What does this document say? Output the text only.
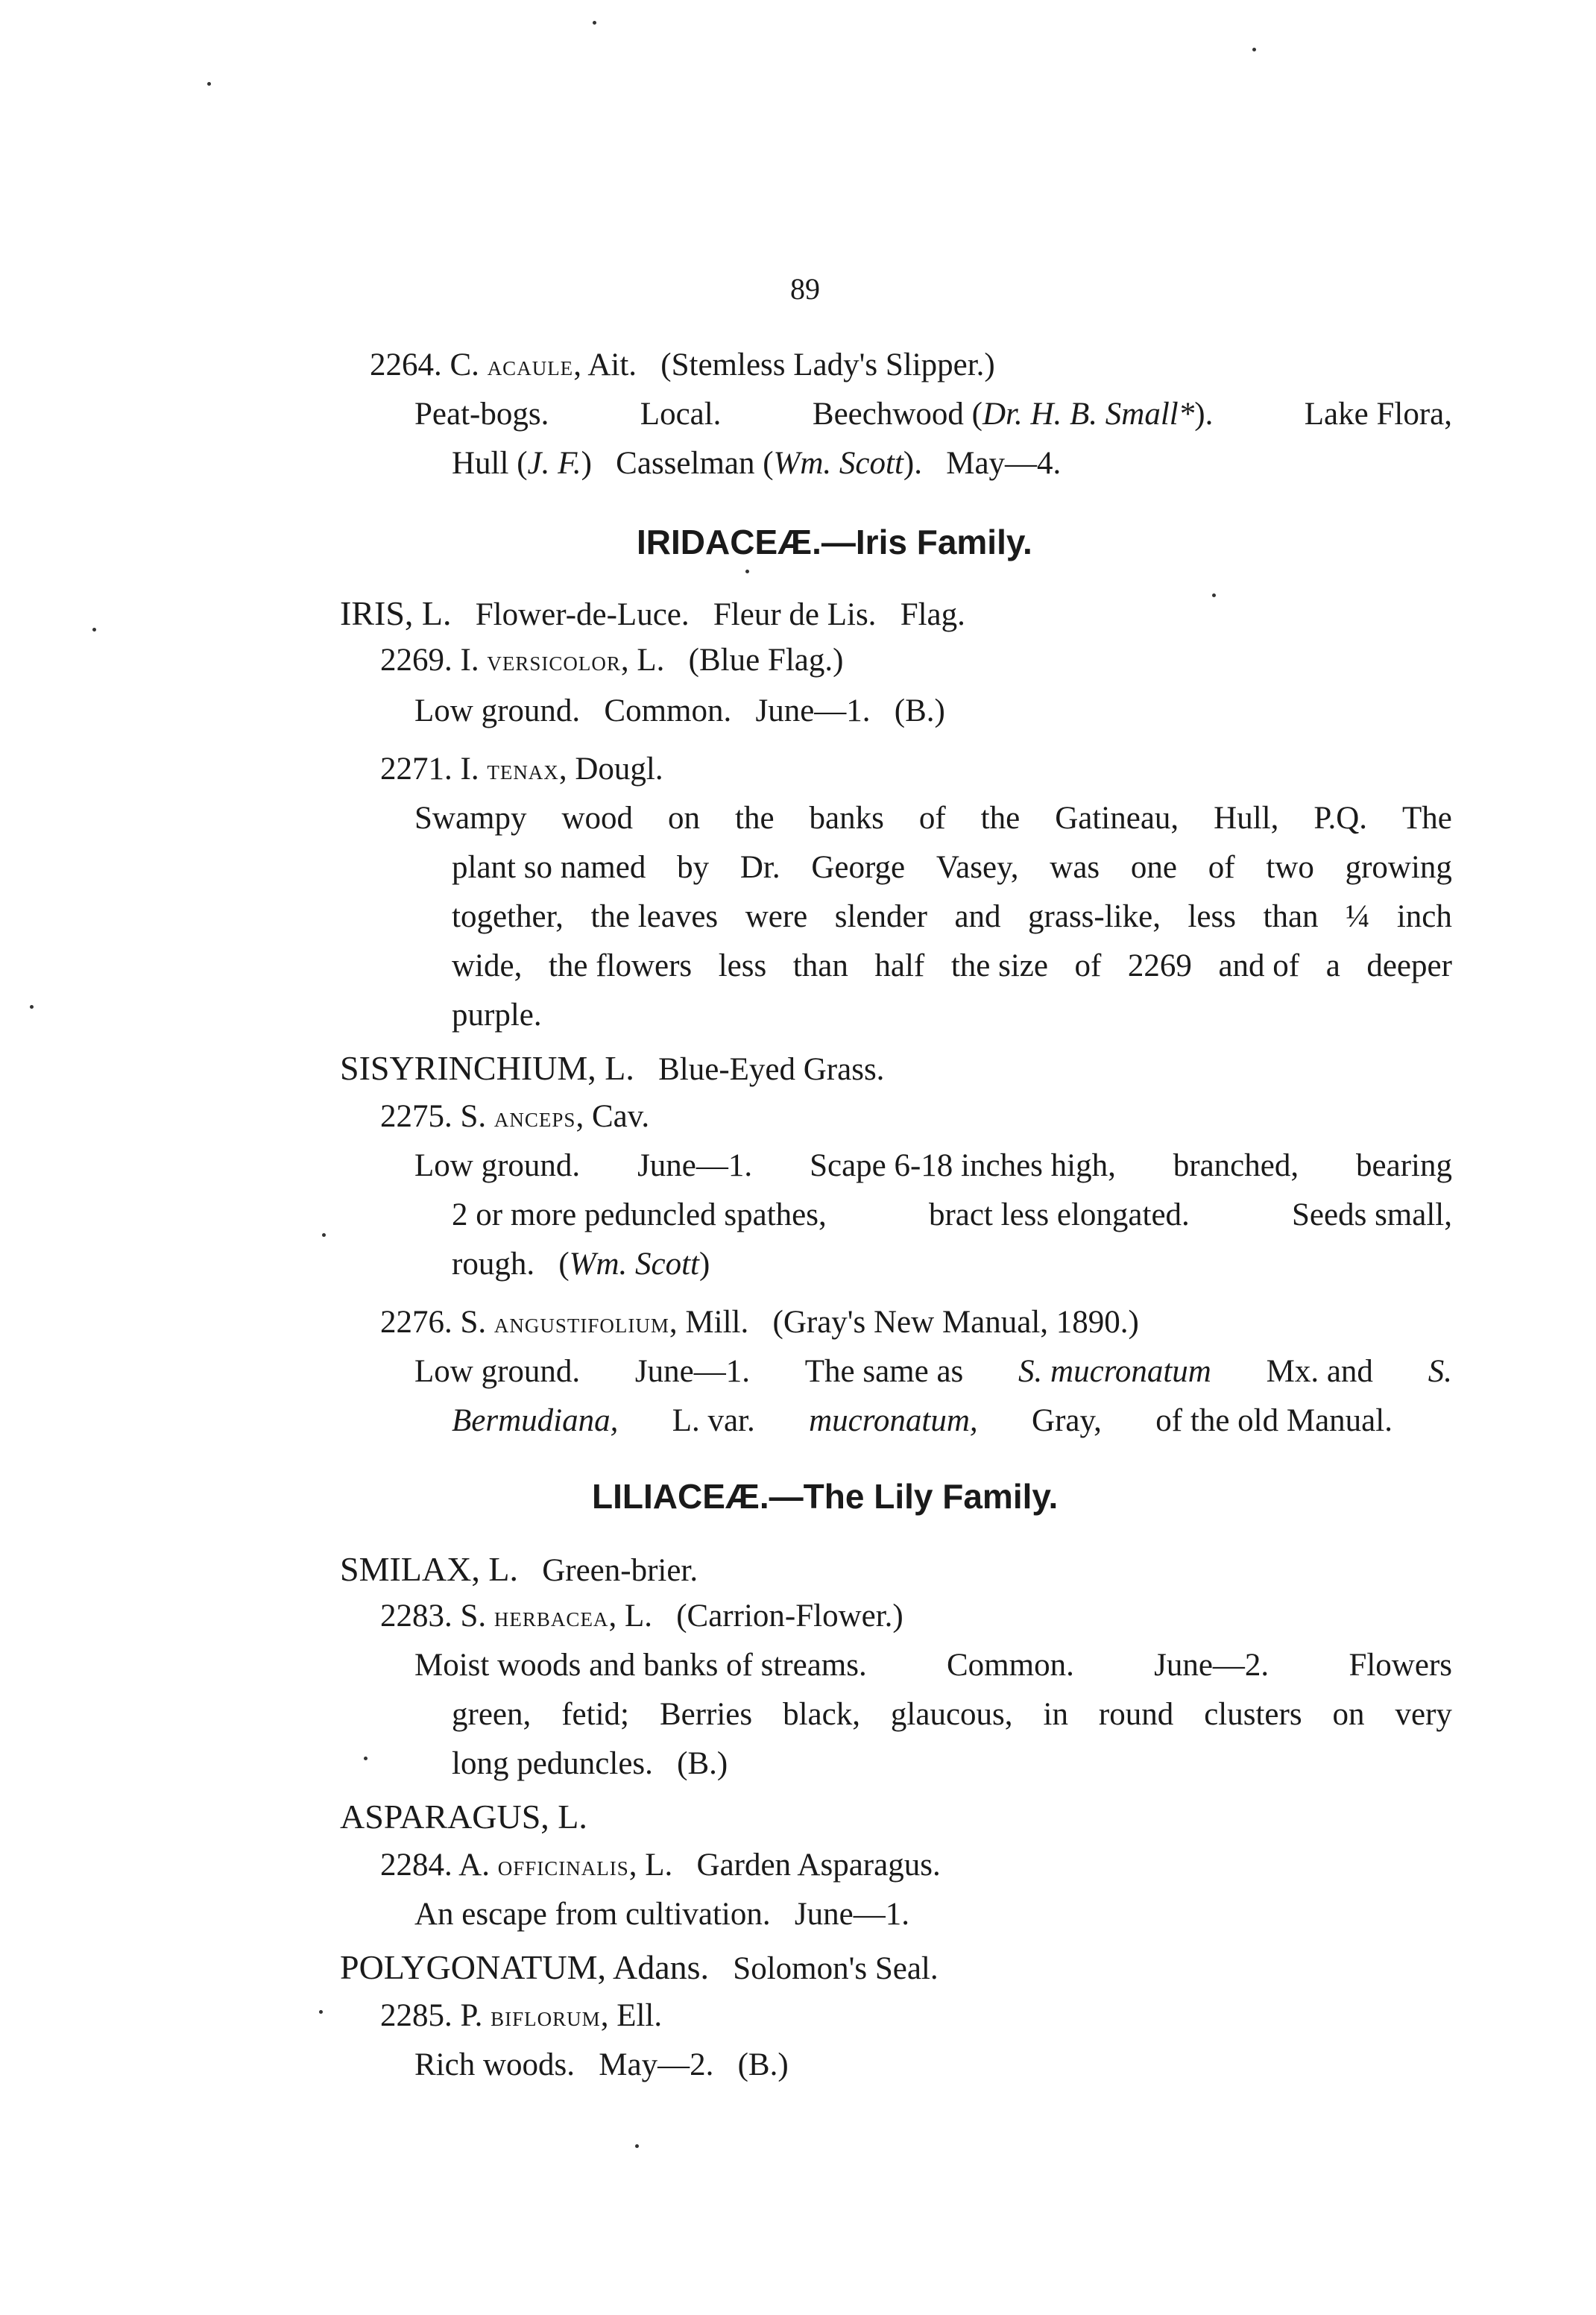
89
2264. C. acaule, Ait. (Stemless Lady's Slipper.)
Peat-bogs.	Local.	Beechwood (Dr. H. B. Small*).	Lake Flora,
Hull (J. F.) Casselman (Wm. Scott). May—4.
IRIDACEÆ.—Iris Family.
IRIS, L. Flower-de-Luce. Fleur de Lis. Flag.
2269. I. versicolor, L. (Blue Flag.)
Low ground. Common. June—1. (B.)
2271. I. tenax, Dougl.
Swampy wood on the banks of the Gatineau, Hull, P.Q. The
plant so named by Dr. George Vasey, was one of two growing
together, the leaves were slender and grass-like, less than ¼ inch
wide, the flowers less than half the size of 2269 and of a deeper
purple.
SISYRINCHIUM, L. Blue-Eyed Grass.
2275. S. anceps, Cav.
Low ground. June—1. Scape 6-18 inches high, branched, bearing
2 or more peduncled spathes,	bract less elongated.	Seeds small,
rough. (Wm. Scott)
2276. S. angustifolium, Mill. (Gray's New Manual, 1890.)
Low ground. June—1. The same as S. mucronatum Mx. and S.
Bermudiana, L. var. mucronatum, Gray, of the old Manual.
LILIACEÆ.—The Lily Family.
SMILAX, L. Green-brier.
2283. S. herbacea, L. (Carrion-Flower.)
Moist woods and banks of streams. Common. June—2. Flowers
green, fetid; Berries black, glaucous, in round clusters on very
long peduncles. (B.)
ASPARAGUS, L.
2284. A. officinalis, L. Garden Asparagus.
An escape from cultivation. June—1.
POLYGONATUM, Adans. Solomon's Seal.
2285. P. biflorum, Ell.
Rich woods. May—2. (B.)
